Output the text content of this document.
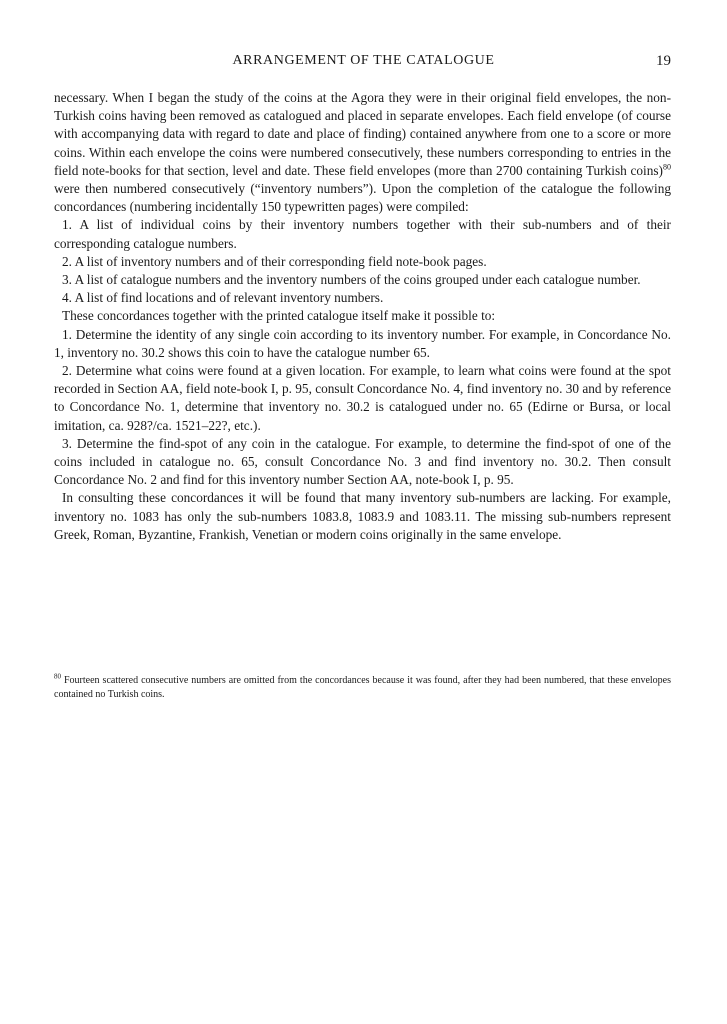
ARRANGEMENT OF THE CATALOGUE	19

necessary. When I began the study of the coins at the Agora they were in their original field envelopes, the non-Turkish coins having been removed as catalogued and placed in separate envelopes. Each field envelope (of course with accompanying data with regard to date and place of finding) contained anywhere from one to a score or more coins. Within each envelope the coins were numbered consecutively, these numbers corresponding to entries in the field note-books for that section, level and date. These field envelopes (more than 2700 containing Turkish coins)$^{80}$ were then numbered consecutively (“inventory numbers”). Upon the completion of the catalogue the following concordances (numbering incidentally 150 typewritten pages) were compiled:

1. A list of individual coins by their inventory numbers together with their sub-numbers and of their corresponding catalogue numbers.

2. A list of inventory numbers and of their corresponding field note-book pages.

3. A list of catalogue numbers and the inventory numbers of the coins grouped under each catalogue number.

4. A list of find locations and of relevant inventory numbers.

These concordances together with the printed catalogue itself make it possible to:

1. Determine the identity of any single coin according to its inventory number. For example, in Concordance No. 1, inventory no. 30.2 shows this coin to have the catalogue number 65.

2. Determine what coins were found at a given location. For example, to learn what coins were found at the spot recorded in Section AA, field note-book I, p. 95, consult Concordance No. 4, find inventory no. 30 and by reference to Concordance No. 1, determine that inventory no. 30.2 is catalogued under no. 65 (Edirne or Bursa, or local imitation, ca. 928?/ca. 1521–22?, etc.).

3. Determine the find-spot of any coin in the catalogue. For example, to determine the find-spot of one of the coins included in catalogue no. 65, consult Concordance No. 3 and find inventory no. 30.2. Then consult Concordance No. 2 and find for this inventory number Section AA, note-book I, p. 95.

In consulting these concordances it will be found that many inventory sub-numbers are lacking. For example, inventory no. 1083 has only the sub-numbers 1083.8, 1083.9 and 1083.11. The missing sub-numbers represent Greek, Roman, Byzantine, Frankish, Venetian or modern coins originally in the same envelope.

$^{80}$ Fourteen scattered consecutive numbers are omitted from the concordances because it was found, after they had been numbered, that these envelopes contained no Turkish coins.
